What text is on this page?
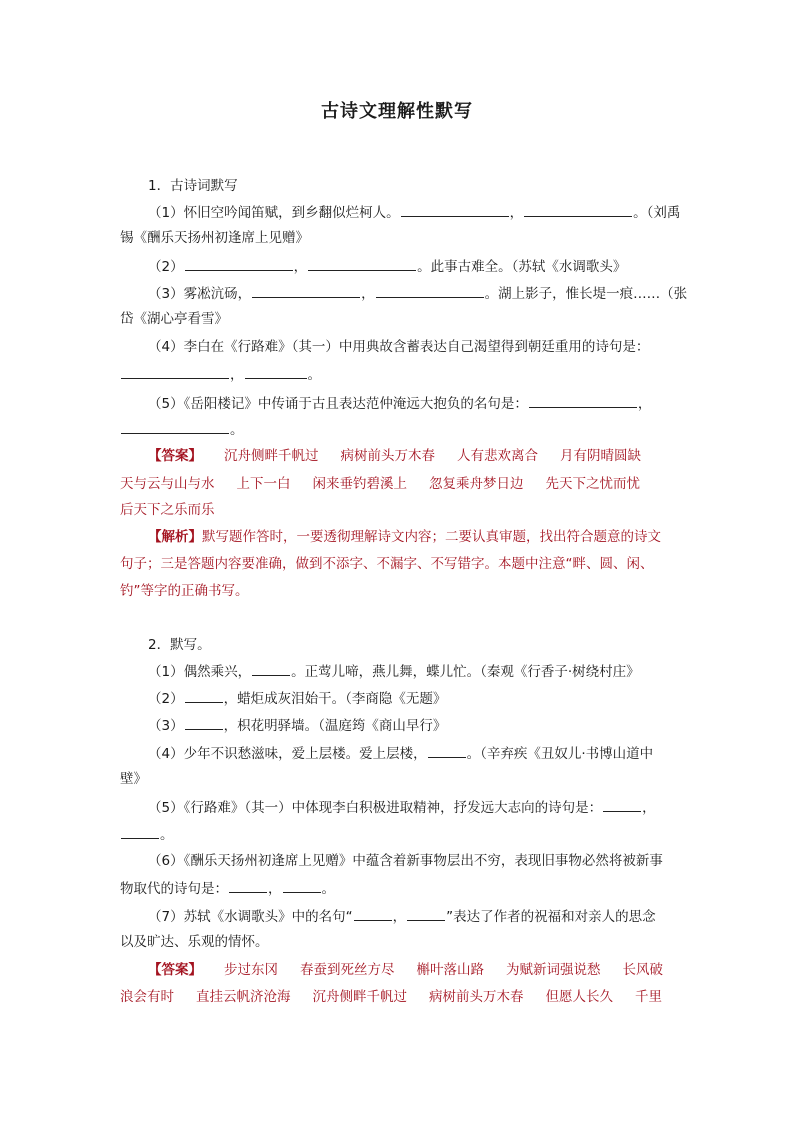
古诗文理解性默写
1．古诗词默写
（1）怀旧空吟闻笛赋，到乡翻似烂柯人。	，	。（刘禹
锡《酬乐天扬州初逢席上见赠》
（2）	，	。此事古难全。（苏轼《水调歌头》
（3）雾凇沆砀，	，	。湖上影子，惟长堤一痕……（张
岱《湖心亭看雪》
（4）李白在《行路难》（其一）中用典故含蓄表达自己渴望得到朝廷重用的诗句是：
，	。
（5）《岳阳楼记》中传诵于古且表达范仲淹远大抱负的名句是：	，
。
【答案】 沉舟侧畔千帆过 病树前头万木春 人有悲欢离合 月有阴晴圆缺
天与云与山与水 上下一白 闲来垂钓碧溪上 忽复乘舟梦日边 先天下之忧而忧
后天下之乐而乐
【解析】默写题作答时，一要透彻理解诗文内容；二要认真审题，找出符合题意的诗文
句子；三是答题内容要准确，做到不添字、不漏字、不写错字。本题中注意“畔、圆、闲、
钓”等字的正确书写。
2．默写。
（1）偶然乘兴，	。正莺儿啼，燕儿舞，蝶儿忙。（秦观《行香子·树绕村庄》
（2）	，蜡炬成灰泪始干。（李商隐《无题》
（3）	，枳花明驿墙。（温庭筠《商山早行》
（4）少年不识愁滋味，爱上层楼。爱上层楼，	。（辛弃疾《丑奴儿·书博山道中
壁》
（5）《行路难》（其一）中体现李白积极进取精神，抒发远大志向的诗句是：	，
。
（6）《酬乐天扬州初逢席上见赠》中蕴含着新事物层出不穷，表现旧事物必然将被新事
物取代的诗句是：	，	。
（7）苏轼《水调歌头》中的名句“	，	”表达了作者的祝福和对亲人的思念
以及旷达、乐观的情怀。
【答案】 步过东冈 春蚕到死丝方尽 槲叶落山路 为赋新词强说愁 长风破
浪会有时 直挂云帆济沧海 沉舟侧畔千帆过 病树前头万木春 但愿人长久 千里
